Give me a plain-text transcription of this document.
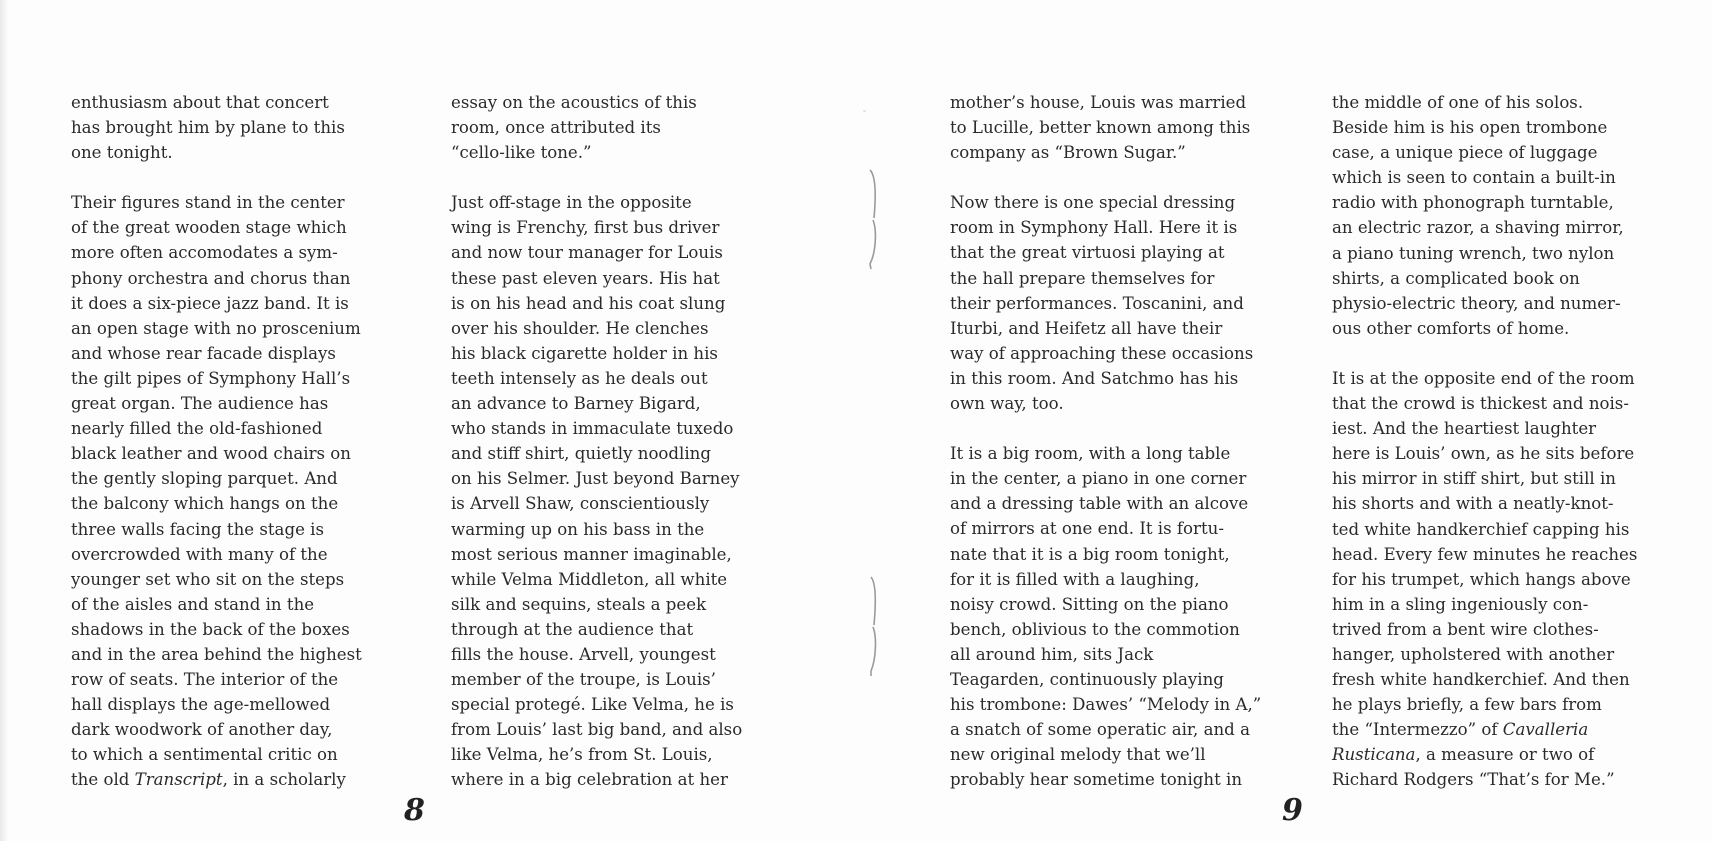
enthusiasm about that concert
has brought him by plane to this
one tonight.

Their figures stand in the center
of the great wooden stage which
more often accomodates a sym-
phony orchestra and chorus than
it does a six-piece jazz band. It is
an open stage with no proscenium
and whose rear facade displays
the gilt pipes of Symphony Hall’s
great organ. The audience has
nearly filled the old-fashioned
black leather and wood chairs on
the gently sloping parquet. And
the balcony which hangs on the
three walls facing the stage is
overcrowded with many of the
younger set who sit on the steps
of the aisles and stand in the
shadows in the back of the boxes
and in the area behind the highest
row of seats. The interior of the
hall displays the age-mellowed
dark woodwork of another day,
to which a sentimental critic on
the old Transcript, in a scholarly

essay on the acoustics of this
room, once attributed its
“cello-like tone.”

Just off-stage in the opposite
wing is Frenchy, first bus driver
and now tour manager for Louis
these past eleven years. His hat
is on his head and his coat slung
over his shoulder. He clenches
his black cigarette holder in his
teeth intensely as he deals out
an advance to Barney Bigard,
who stands in immaculate tuxedo
and stiff shirt, quietly noodling
on his Selmer. Just beyond Barney
is Arvell Shaw, conscientiously
warming up on his bass in the
most serious manner imaginable,
while Velma Middleton, all white
silk and sequins, steals a peek
through at the audience that
fills the house. Arvell, youngest
member of the troupe, is Louis’
special protegé. Like Velma, he is
from Louis’ last big band, and also
like Velma, he’s from St. Louis,
where in a big celebration at her

8

mother’s house, Louis was married
to Lucille, better known among this
company as “Brown Sugar.”

Now there is one special dressing
room in Symphony Hall. Here it is
that the great virtuosi playing at
the hall prepare themselves for
their performances. Toscanini, and
Iturbi, and Heifetz all have their
way of approaching these occasions
in this room. And Satchmo has his
own way, too.

It is a big room, with a long table
in the center, a piano in one corner
and a dressing table with an alcove
of mirrors at one end. It is fortu-
nate that it is a big room tonight,
for it is filled with a laughing,
noisy crowd. Sitting on the piano
bench, oblivious to the commotion
all around him, sits Jack
Teagarden, continuously playing
his trombone: Dawes’ “Melody in A,”
a snatch of some operatic air, and a
new original melody that we’ll
probably hear sometime tonight in

the middle of one of his solos.
Beside him is his open trombone
case, a unique piece of luggage
which is seen to contain a built-in
radio with phonograph turntable,
an electric razor, a shaving mirror,
a piano tuning wrench, two nylon
shirts, a complicated book on
physio-electric theory, and numer-
ous other comforts of home.

It is at the opposite end of the room
that the crowd is thickest and nois-
iest. And the heartiest laughter
here is Louis’ own, as he sits before
his mirror in stiff shirt, but still in
his shorts and with a neatly-knot-
ted white handkerchief capping his
head. Every few minutes he reaches
for his trumpet, which hangs above
him in a sling ingeniously con-
trived from a bent wire clothes-
hanger, upholstered with another
fresh white handkerchief. And then
he plays briefly, a few bars from
the “Intermezzo” of Cavalleria
Rusticana, a measure or two of
Richard Rodgers “That’s for Me.”

9
